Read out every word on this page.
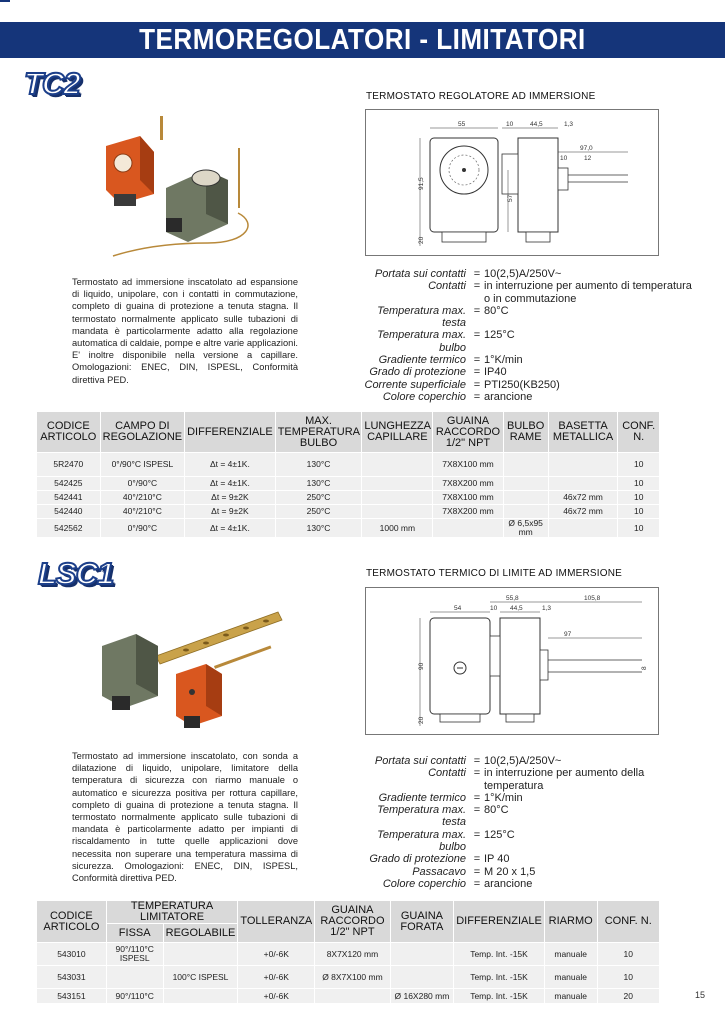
TERMOREGOLATORI - LIMITATORI
TC2	TERMOSTATO REGOLATORE AD IMMERSIONE
55	10	44,5	1,3
97,0
10	12
91,5
57
20
Termostato ad immersione inscatolato ad espansione di liquido, unipolare, con i contatti in commutazione, completo di guaina di protezione a tenuta stagna. Il termostato normalmente applicato sulle tubazioni di mandata è particolarmente adatto alla regolazione automatica di caldaie, pompe e altre varie applicazioni. E' inoltre disponibile nella versione a capillare. Omologazioni: ENEC, DIN, ISPESL, Conformità direttiva PED.
Portata sui contatti = 10(2,5)A/250V~
Contatti = in interruzione per aumento di temperatura o in commutazione
Temperatura max. testa
= 80°C
Temperatura max. bulbo
= 125°C
Gradiente termico = 1°K/min
Grado di protezione = IP40
Corrente superficiale = PTI250(KB250)
Colore coperchio = arancione
CODICE ARTICOLO	CAMPO DI REGOLAZIONE	DIFFERENZIALE	MAX. TEMPERATURA BULBO	LUNGHEZZA CAPILLARE	GUAINA RACCORDO 1/2" NPT	BULBO RAME	BASETTA METALLICA	CONF. N.
5R2470	0°/90°C ISPESL	Δt = 4±1K.	130°C		7X8X100 mm			10
542425	0°/90°C	Δt = 4±1K.	130°C		7X8X200 mm			10
542441	40°/210°C	Δt = 9±2K	250°C		7X8X100 mm		46x72 mm	10
542440	40°/210°C	Δt = 9±2K	250°C		7X8X200 mm		46x72 mm	10
542562	0°/90°C	Δt = 4±1K.	130°C	1000 mm		Ø 6,5x95 mm		10
LSC1	TERMOSTATO TERMICO DI LIMITE AD IMMERSIONE
55,8	105,8
54	10 44,5	1,3
97
8
90
20
Termostato ad immersione inscatolato, con sonda a dilatazione di liquido, unipolare, limitatore della temperatura di sicurezza con riarmo manuale o automatico e sicurezza positiva per rottura capillare, completo di guaina di protezione a tenuta stagna. Il termostato normalmente applicato sulle tubazioni di mandata è particolarmente adatto per impianti di riscaldamento in tutte quelle applicazioni dove necessita non superare una temperatura massima di sicurezza. Omologazioni: ENEC, DIN, ISPESL, Conformità direttiva PED.
Portata sui contatti = 10(2,5)A/250V~
Contatti = in interruzione per aumento della temperatura
Gradiente termico = 1°K/min
Temperatura max. testa
= 80°C
Temperatura max. bulbo
= 125°C
Grado di protezione = IP 40
Passacavo = M 20 x 1,5
Colore coperchio = arancione
CODICE ARTICOLO	TEMPERATURA LIMITATORE		TOLLERANZA	GUAINA RACCORDO 1/2" NPT	GUAINA FORATA	DIFFERENZIALE	RIARMO	CONF. N.
	FISSA	REGOLABILE						
543010	90°/110°C ISPESL		+0/-6K	8X7X120 mm		Temp. Int. -15K	manuale	10
543031		100°C ISPESL	+0/-6K	Ø 8X7X100 mm		Temp. Int. -15K	manuale	10
543151	90°/110°C		+0/-6K		Ø 16X280 mm	Temp. Int. -15K	manuale	20	15
